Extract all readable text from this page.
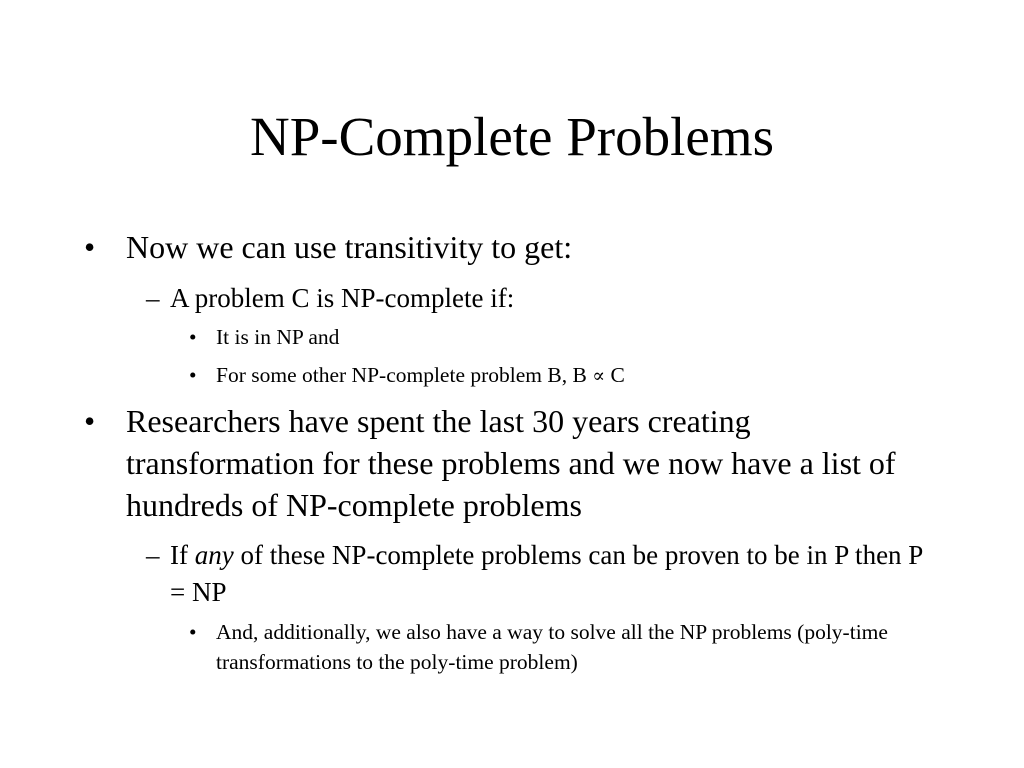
NP-Complete Problems
• Now we can use transitivity to get:
– A problem C is NP-complete if:
• It is in NP and
• For some other NP-complete problem B, B ∝ C
• Researchers have spent the last 30 years creating transformation for these problems and we now have a list of hundreds of NP-complete problems
– If any of these NP-complete problems can be proven to be in P then P = NP
• And, additionally, we also have a way to solve all the NP problems (poly-time transformations to the poly-time problem)
